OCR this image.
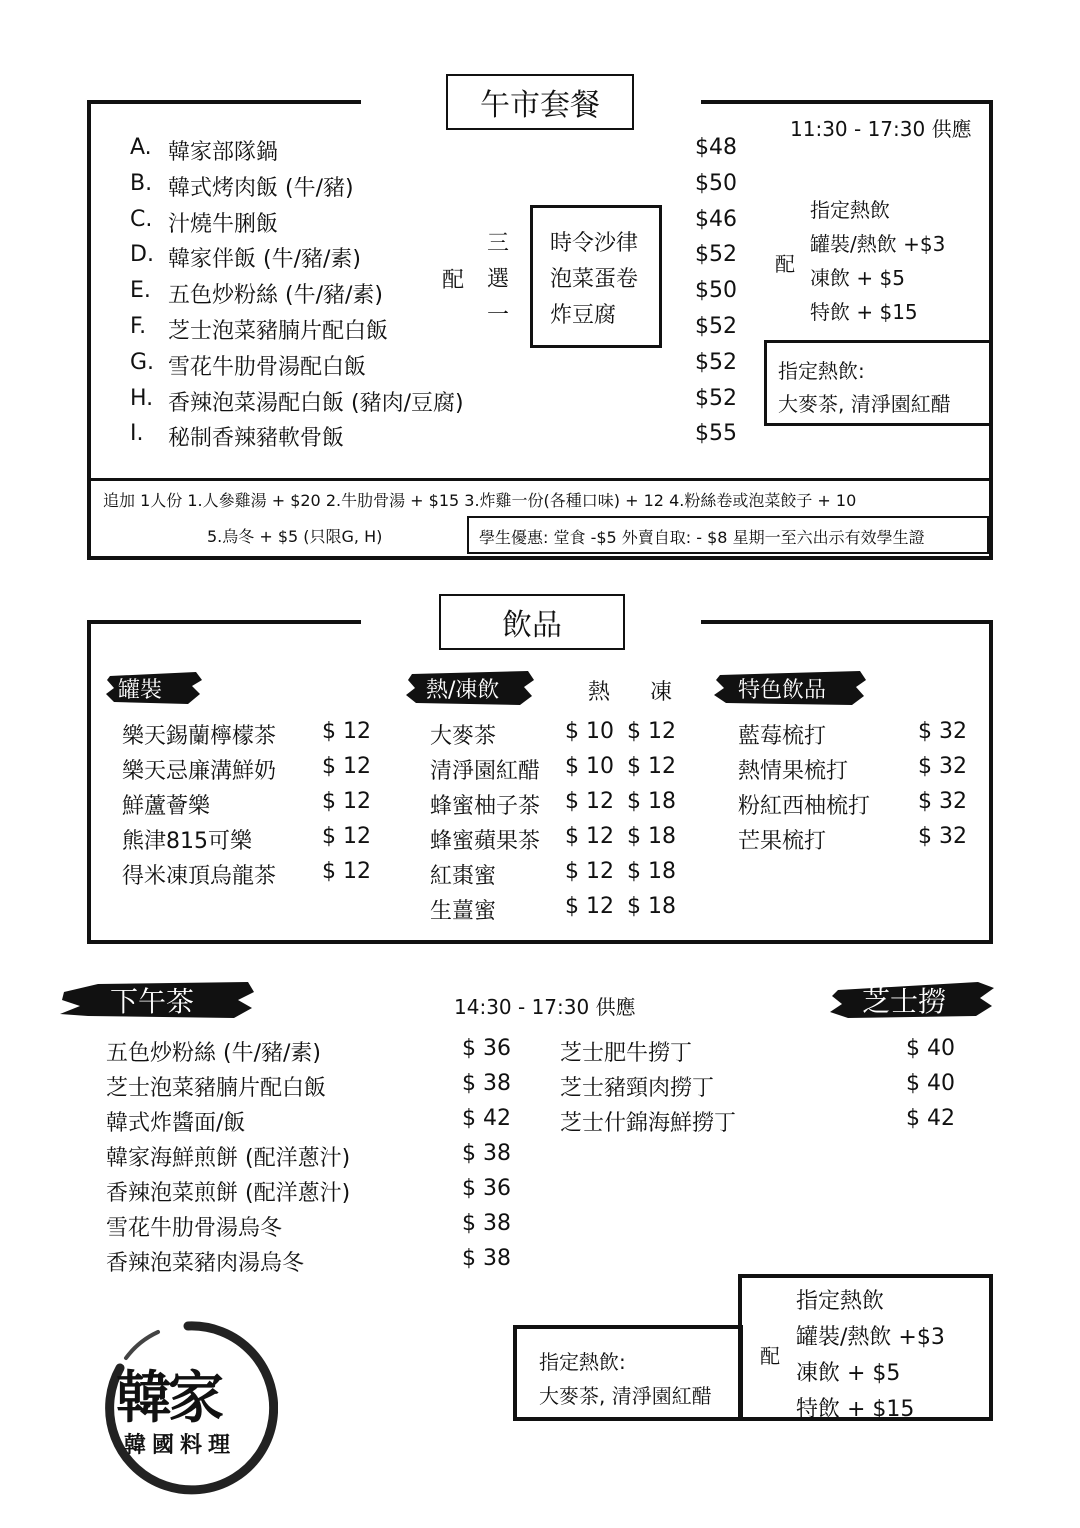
午市套餐
11:30 - 17:30 供應
A. 韓家部隊鍋	$48
B. 韓式烤肉飯 (牛/豬)	$50
C. 汁燒牛脷飯	$46
D. 韓家伴飯 (牛/豬/素)	$52
E. 五色炒粉絲 (牛/豬/素)	$50
F. 芝士泡菜豬腩片配白飯	$52
G. 雪花牛肋骨湯配白飯	$52
H. 香辣泡菜湯配白飯 (豬肉/豆腐)	$52
I. 秘制香辣豬軟骨飯	$55
配
三
選
一
時令沙律
泡菜蛋卷
炸豆腐
配
指定熱飲
罐裝/熱飲 +$3
凍飲 + $5
特飲 + $15
指定熱飲:
大麥茶, 清淨園紅醋
追加 1人份 1.人參雞湯 + $20 2.牛肋骨湯 + $15 3.炸雞一份(各種口味) + 12 4.粉絲卷或泡菜餃子 + 10
5.烏冬 + $5 (只限G, H)	學生優惠: 堂食 -$5 外賣自取: - $8 星期一至六出示有效學生證
飲品
罐裝
樂天錫蘭檸檬茶 $ 12
樂天忌廉溝鮮奶 $ 12
鮮蘆薈樂	$ 12
熊津815可樂	$ 12
得米凍頂烏龍茶 $ 12
熱/凍飲	熱 凍
大麥茶	$ 10 $ 12
清淨園紅醋 $ 10 $ 12
蜂蜜柚子茶 $ 12 $ 18
蜂蜜蘋果茶 $ 12 $ 18
紅棗蜜	$ 12 $ 18
生薑蜜	$ 12 $ 18
特色飲品
藍莓梳打	$ 32
熱情果梳打	$ 32
粉紅西柚梳打 $ 32
芒果梳打	$ 32
下午茶	14:30 - 17:30 供應
五色炒粉絲 (牛/豬/素)	$ 36
芝士泡菜豬腩片配白飯	$ 38
韓式炸醬面/飯	$ 42
韓家海鮮煎餅 (配洋蔥汁)	$ 38
香辣泡菜煎餅 (配洋蔥汁)	$ 36
雪花牛肋骨湯烏冬	$ 38
香辣泡菜豬肉湯烏冬	$ 38
芝士撈
芝士肥牛撈丁	$ 40
芝士豬頸肉撈丁	$ 40
芝士什錦海鮮撈丁	$ 42
指定熱飲:
大麥茶, 清淨園紅醋
配
指定熱飲
罐裝/熱飲 +$3
凍飲 + $5
特飲 + $15
韓家
韓國料理
